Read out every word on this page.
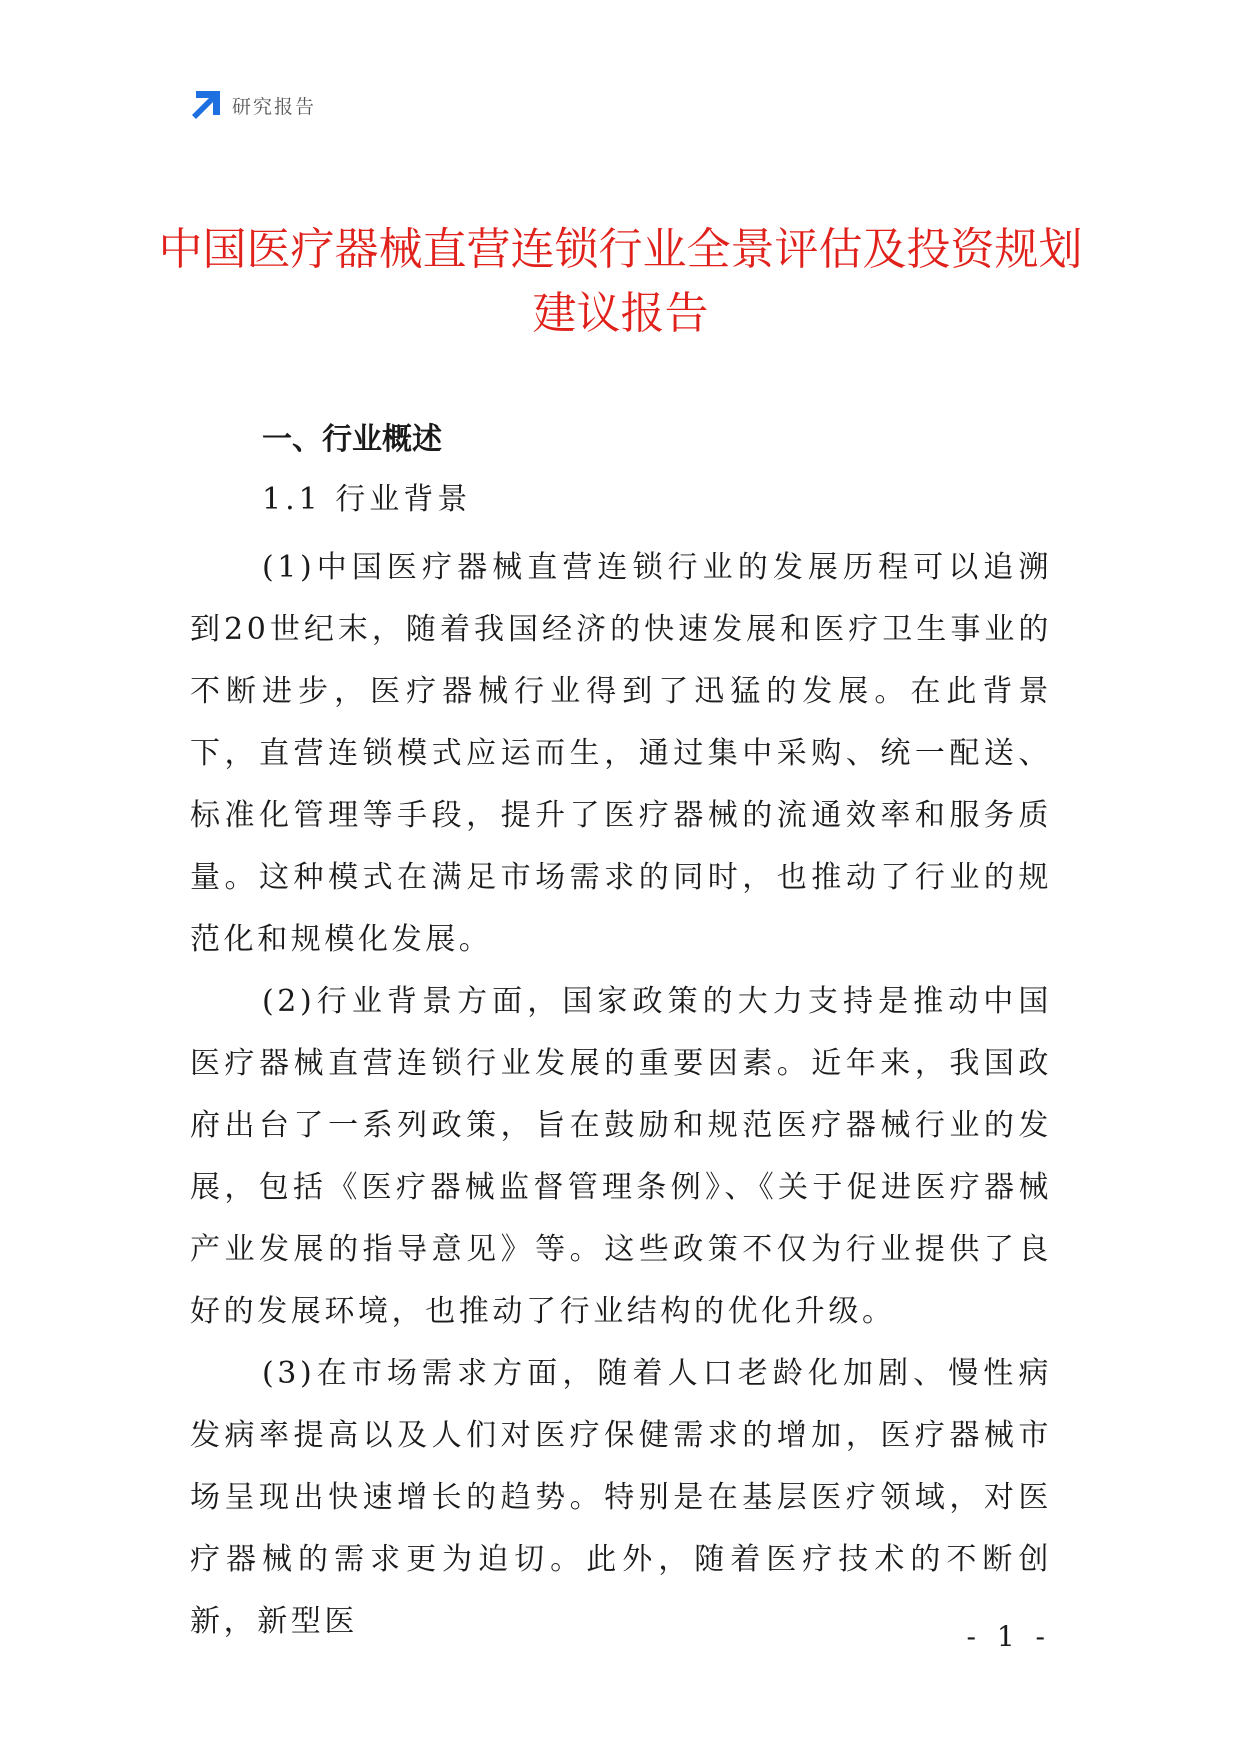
研究报告
中国医疗器械直营连锁行业全景评估及投资规划建议报告
一、行业概述
1.1 行业背景

(1)中国医疗器械直营连锁行业的发展历程可以追溯到20世纪末，随着我国经济的快速发展和医疗卫生事业的不断进步，医疗器械行业得到了迅猛的发展。在此背景下，直营连锁模式应运而生，通过集中采购、统一配送、标准化管理等手段，提升了医疗器械的流通效率和服务质量。这种模式在满足市场需求的同时，也推动了行业的规范化和规模化发展。

(2)行业背景方面，国家政策的大力支持是推动中国医疗器械直营连锁行业发展的重要因素。近年来，我国政府出台了一系列政策，旨在鼓励和规范医疗器械行业的发展，包括《医疗器械监督管理条例》、《关于促进医疗器械产业发展的指导意见》等。这些政策不仅为行业提供了良好的发展环境，也推动了行业结构的优化升级。

(3)在市场需求方面，随着人口老龄化加剧、慢性病发病率提高以及人们对医疗保健需求的增加，医疗器械市场呈现出快速增长的趋势。特别是在基层医疗领域，对医疗器械的需求更为迫切。此外，随着医疗技术的不断创新，新型医	- 1 -
